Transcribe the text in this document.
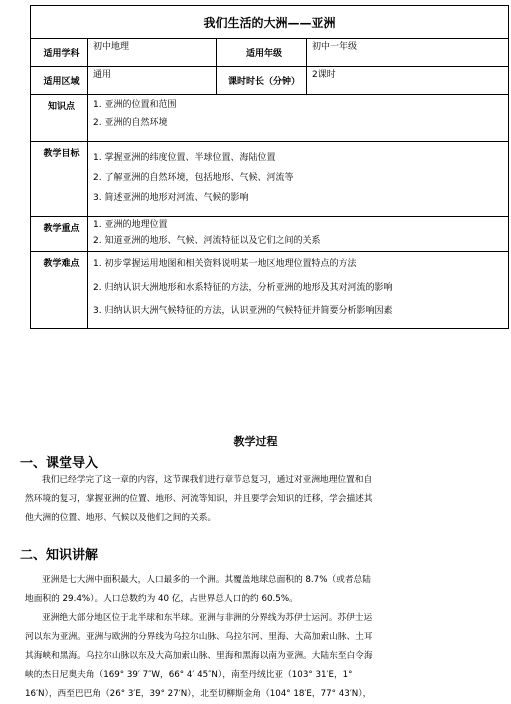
我们生活的大洲——亚洲			
适用学科	初中地理	适用年级	初中一年级
适用区域	通用	课时时长（分钟）	2课时
知识点	1. 亚洲的位置和范围
2. 亚洲的自然环境		

教学目标	1. 掌握亚洲的纬度位置、半球位置、海陆位置
2. 了解亚洲的自然环境，包括地形、气候、河流等
3. 简述亚洲的地形对河流、气候的影响		

教学重点	1. 亚洲的地理位置
2. 知道亚洲的地形、气候、河流特征以及它们之间的关系		

教学难点	1. 初步掌握运用地图和相关资料说明某一地区地理位置特点的方法
2. 归纳认识大洲地形和水系特征的方法，分析亚洲的地形及其对河流的影响
3. 归纳认识大洲气候特征的方法，认识亚洲的气候特征并简要分析影响因素		
教学过程
一、课堂导入
我们已经学完了这一章的内容，这节课我们进行章节总复习，通过对亚洲地理位置和自
然环境的复习，掌握亚洲的位置、地形、河流等知识，并且要学会知识的迁移，学会描述其
他大洲的位置、地形、气候以及他们之间的关系。
二、知识讲解
亚洲是七大洲中面积最大，人口最多的一个洲。其覆盖地球总面积的 8.7%（或者总陆
地面积的 29.4%）。人口总数约为 40 亿，占世界总人口的约 60.5%。
亚洲绝大部分地区位于北半球和东半球。亚洲与非洲的分界线为苏伊士运河。苏伊士运
河以东为亚洲。亚洲与欧洲的分界线为乌拉尔山脉、乌拉尔河、里海、大高加索山脉、土耳
其海峡和黑海。乌拉尔山脉以东及大高加索山脉、里海和黑海以南为亚洲。大陆东至白令海
峡的杰日尼奥夫角（169° 39′ 7″W，66° 4′ 45″N），南至丹绒比亚（103° 31′E，1°
16′N），西至巴巴角（26° 3′E，39° 27′N），北至切柳斯金角（104° 18′E，77° 43′N），
